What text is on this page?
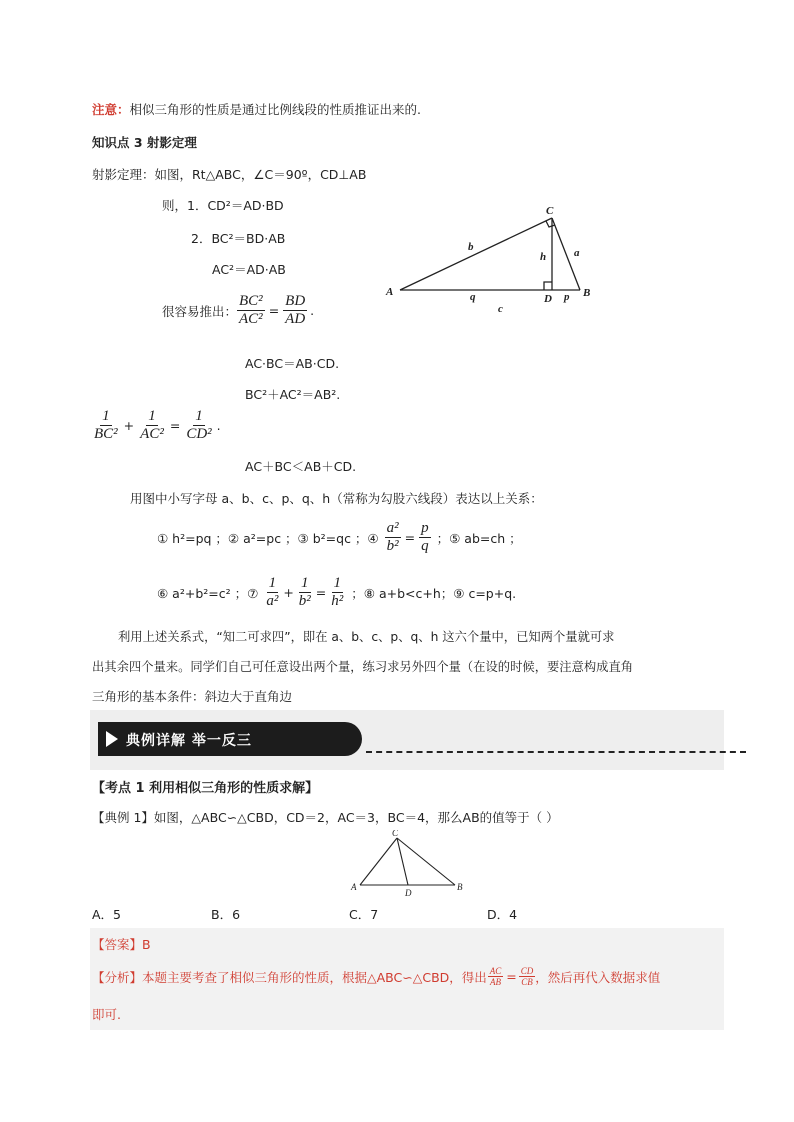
注意：相似三角形的性质是通过比例线段的性质推证出来的.
知识点 3 射影定理
射影定理：如图，Rt△ABC，∠C＝90º，CD⊥AB
则，1．CD²＝AD·BD
2．BC²＝BD·AB
AC²＝AD·AB
很容易推出： $\frac{\text{BC²}}{\text{AC²}} = \frac{BD}{AD}$ .
AC·BC＝AB·CD.
BC²＋AC²＝AB².
$\frac{1}{\text{BC²}} + \frac{1}{\text{AC²}} = \frac{1}{\text{CD²}}$ .
AC＋BC＜AB＋CD.
用图中小写字母 a、b、c、p、q、h（常称为勾股六线段）表达以上关系：
① h²=pq ；② a²=pc ；③ b²=qc ；④ $\frac{\text{a²}}{\text{b²}} = \frac{p}{q}$ ；⑤ ab=ch ；
⑥ a²+b²=c² ；⑦ $\frac{1}{\text{a²}} + \frac{1}{\text{b²}} = \frac{1}{\text{h²}}$ ；⑧ a+b<c+h；⑨ c=p+q.
利用上述关系式，“知二可求四”，即在 a、b、c、p、q、h 这六个量中，已知两个量就可求
出其余四个量来。同学们自己可任意设出两个量，练习求另外四个量（在设的时候，要注意构成直角
三角形的基本条件：斜边大于直角边
A
C
B
D
b	a
h
q	p
c
典例详解 举一反三
【考点 1 利用相似三角形的性质求解】
【典例 1】如图，△ABC∽△CBD，CD＝2，AC＝3，BC＝4，那么AB的值等于（ ）
A
C
B
D
A．5	B．6	C．7	D．4
【答案】B
【分析】本题主要考查了相似三角形的性质，根据△ABC∽△CBD，得出 $\frac{AC}{AB} = \frac{CD}{CB}$ ，然后再代入数据求值
即可.
